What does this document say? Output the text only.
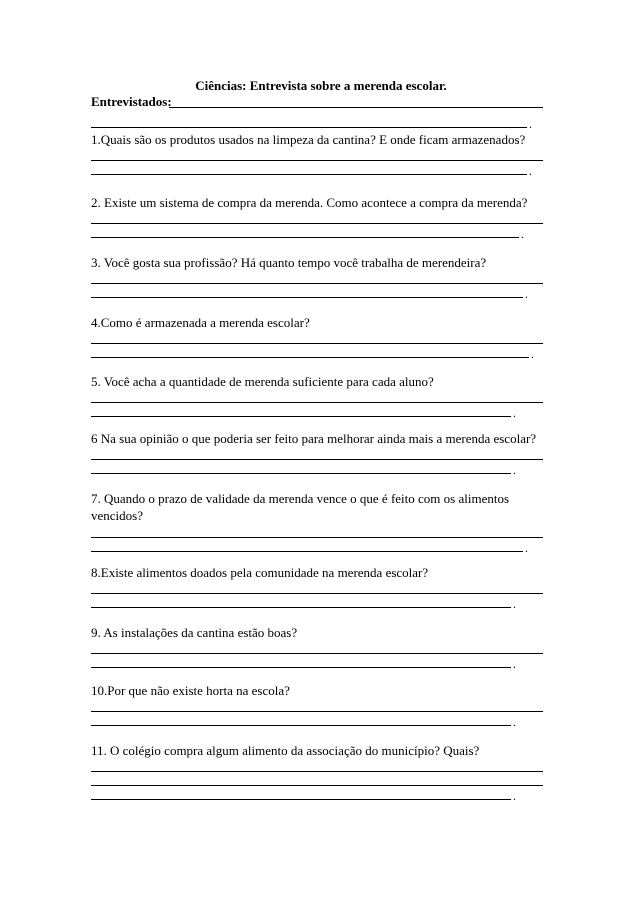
Ciências: Entrevista sobre a merenda escolar.
Entrevistados:
.
1.Quais são os produtos usados na limpeza da cantina? E onde ficam armazenados?
.
2. Existe um sistema de compra da merenda. Como acontece a compra da merenda?
.
3. Você gosta sua profissão? Há quanto tempo você trabalha de merendeira?
.
4.Como é armazenada a merenda escolar?
.
5. Você acha a quantidade de merenda suficiente para cada aluno?
.
6 Na sua opinião o que poderia ser feito para melhorar ainda mais a merenda escolar?
.
7. Quando o prazo de validade da merenda vence o que é feito com os alimentos vencidos?
.
8.Existe alimentos doados pela comunidade na merenda escolar?
.
9. As instalações da cantina estão boas?
.
10.Por que não existe horta na escola?
.
11. O colégio compra algum alimento da associação do município? Quais?
.
